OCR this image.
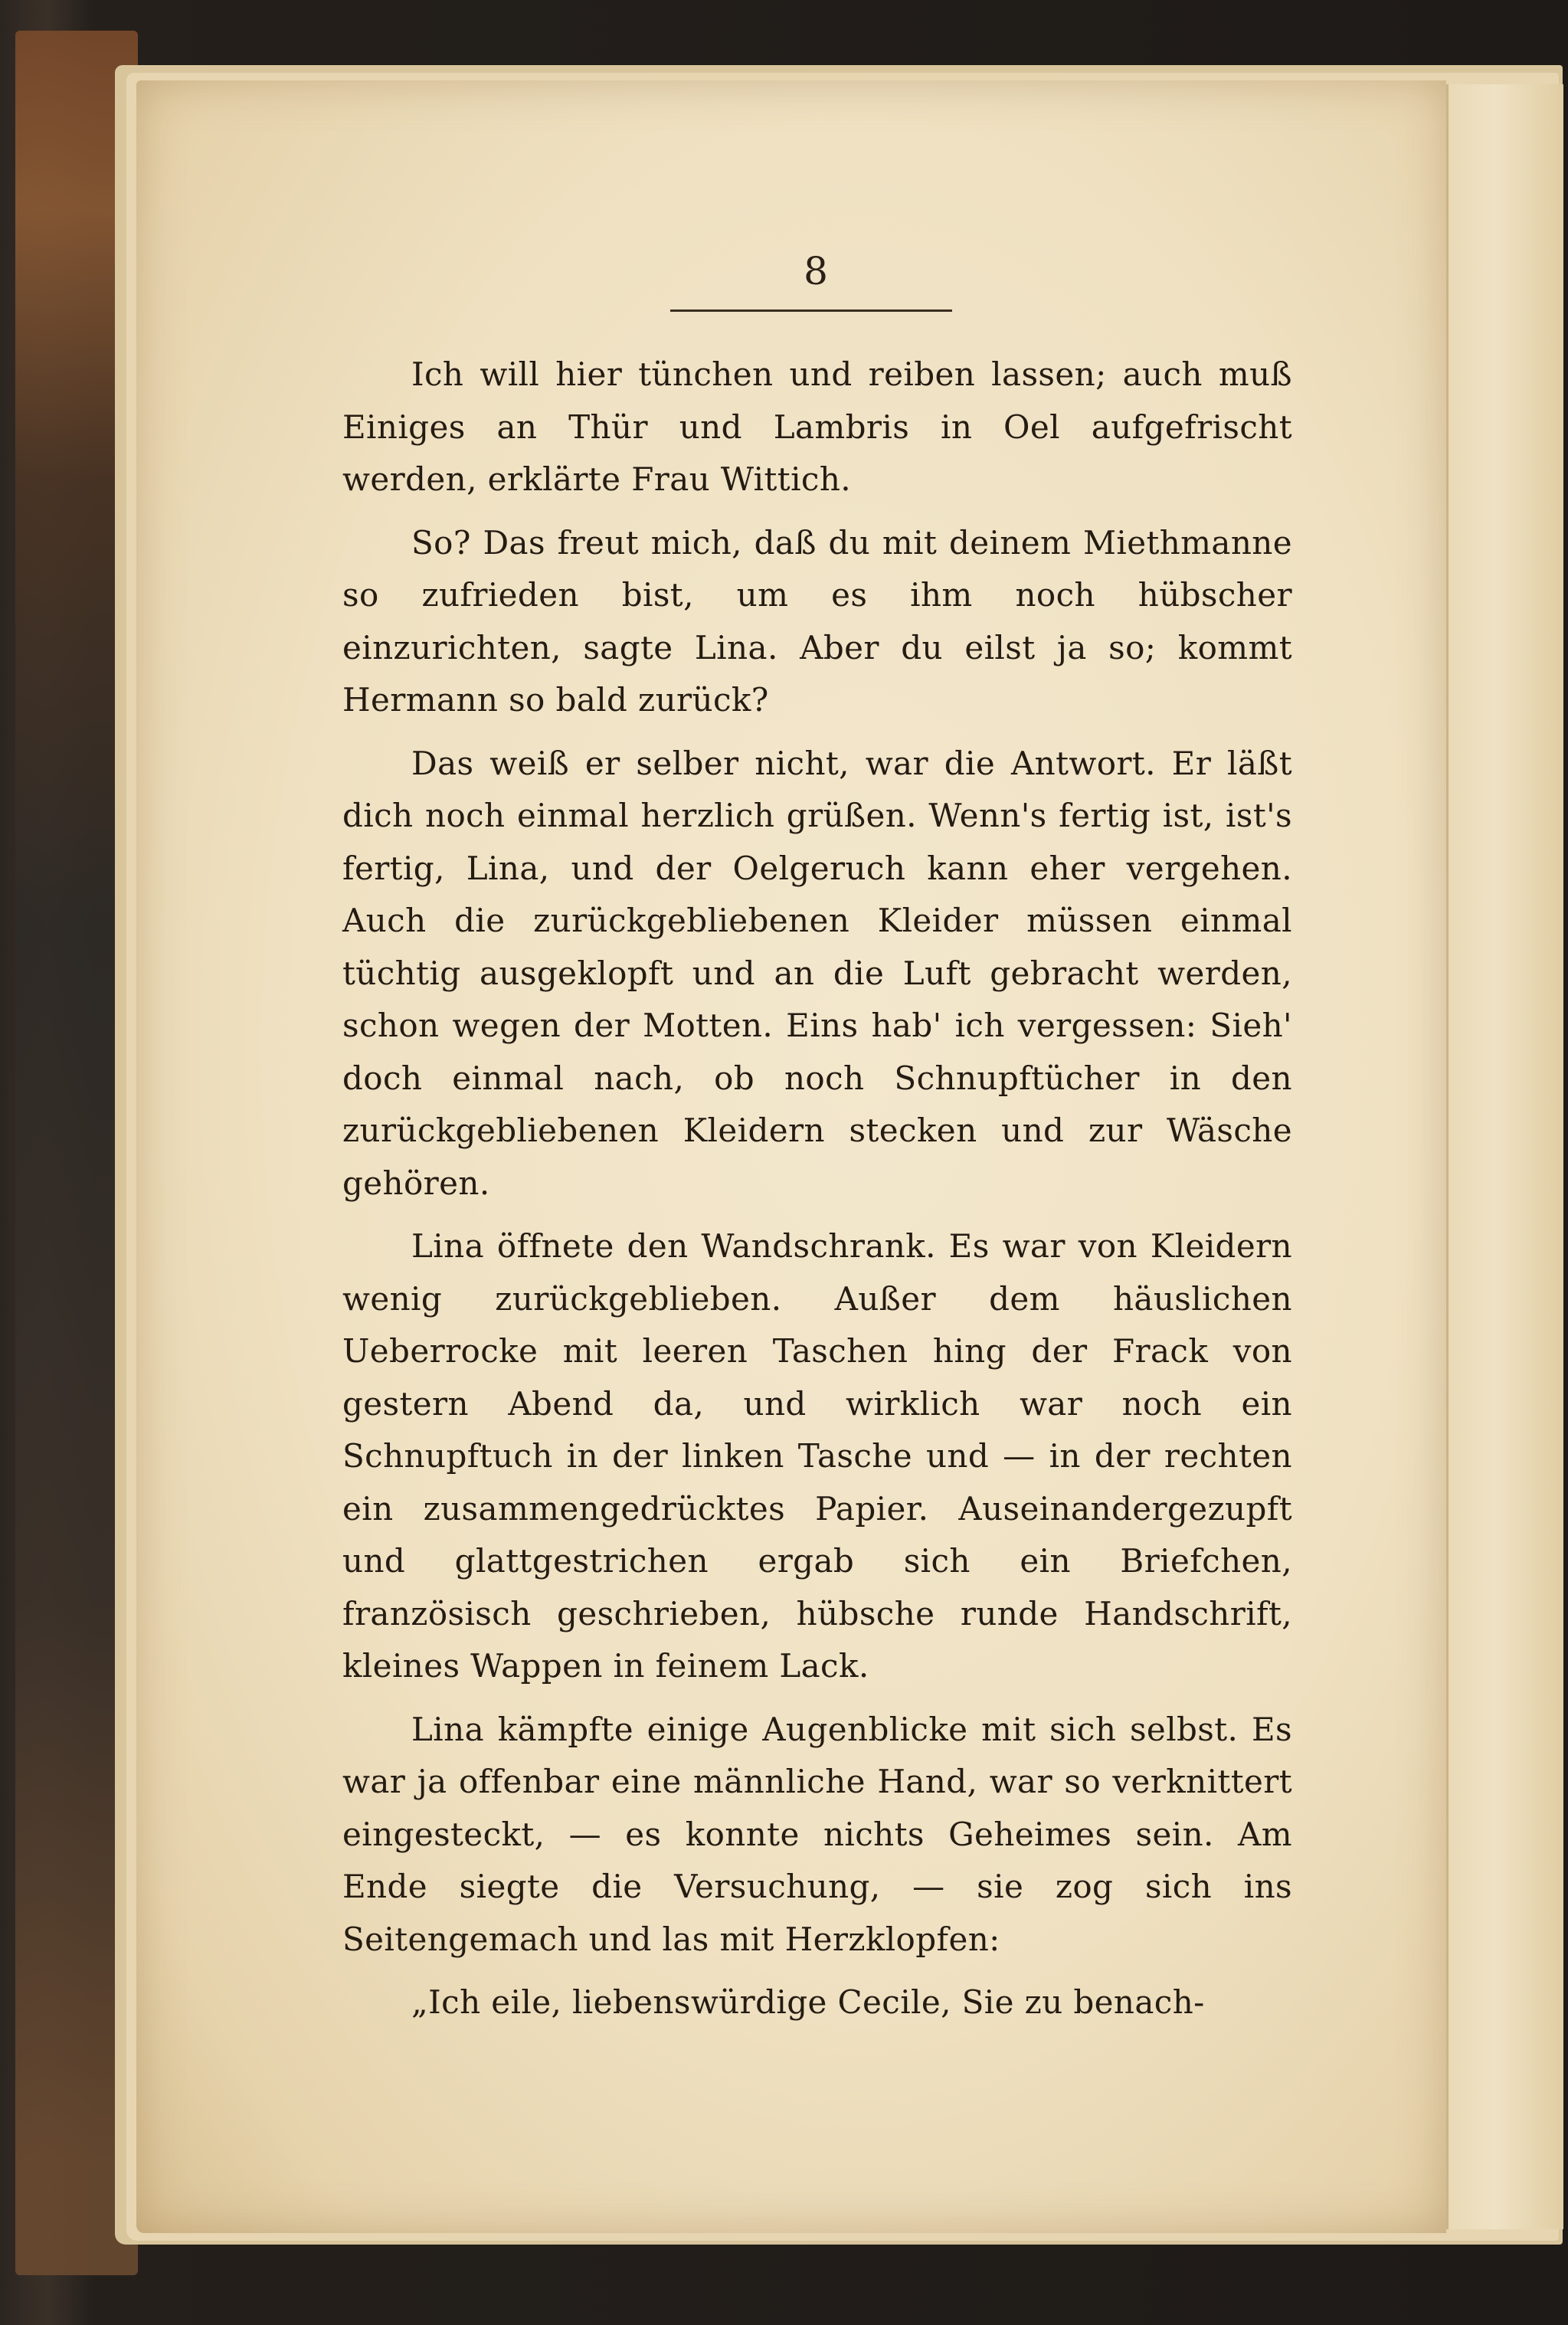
8

Ich will hier tünchen und reiben lassen; auch muß Einiges an Thür und Lambris in Oel aufgefrischt werden, erklärte Frau Wittich.

So? Das freut mich, daß du mit deinem Miethmanne so zufrieden bist, um es ihm noch hübscher einzurichten, sagte Lina. Aber du eilst ja so; kommt Hermann so bald zurück?

Das weiß er selber nicht, war die Antwort. Er läßt dich noch einmal herzlich grüßen. Wenn's fertig ist, ist's fertig, Lina, und der Oelgeruch kann eher vergehen. Auch die zurückgebliebenen Kleider müssen einmal tüchtig ausgeklopft und an die Luft gebracht werden, schon wegen der Motten. Eins hab' ich vergessen: Sieh' doch einmal nach, ob noch Schnupftücher in den zurückgebliebenen Kleidern stecken und zur Wäsche gehören.

Lina öffnete den Wandschrank. Es war von Kleidern wenig zurückgeblieben. Außer dem häuslichen Ueberrocke mit leeren Taschen hing der Frack von gestern Abend da, und wirklich war noch ein Schnupftuch in der linken Tasche und — in der rechten ein zusammengedrücktes Papier. Auseinandergezupft und glattgestrichen ergab sich ein Briefchen, französisch geschrieben, hübsche runde Handschrift, kleines Wappen in feinem Lack.

Lina kämpfte einige Augenblicke mit sich selbst. Es war ja offenbar eine männliche Hand, war so verknittert eingesteckt, — es konnte nichts Geheimes sein. Am Ende siegte die Versuchung, — sie zog sich ins Seitengemach und las mit Herzklopfen:

„Ich eile, liebenswürdige Cecile, Sie zu benach-
